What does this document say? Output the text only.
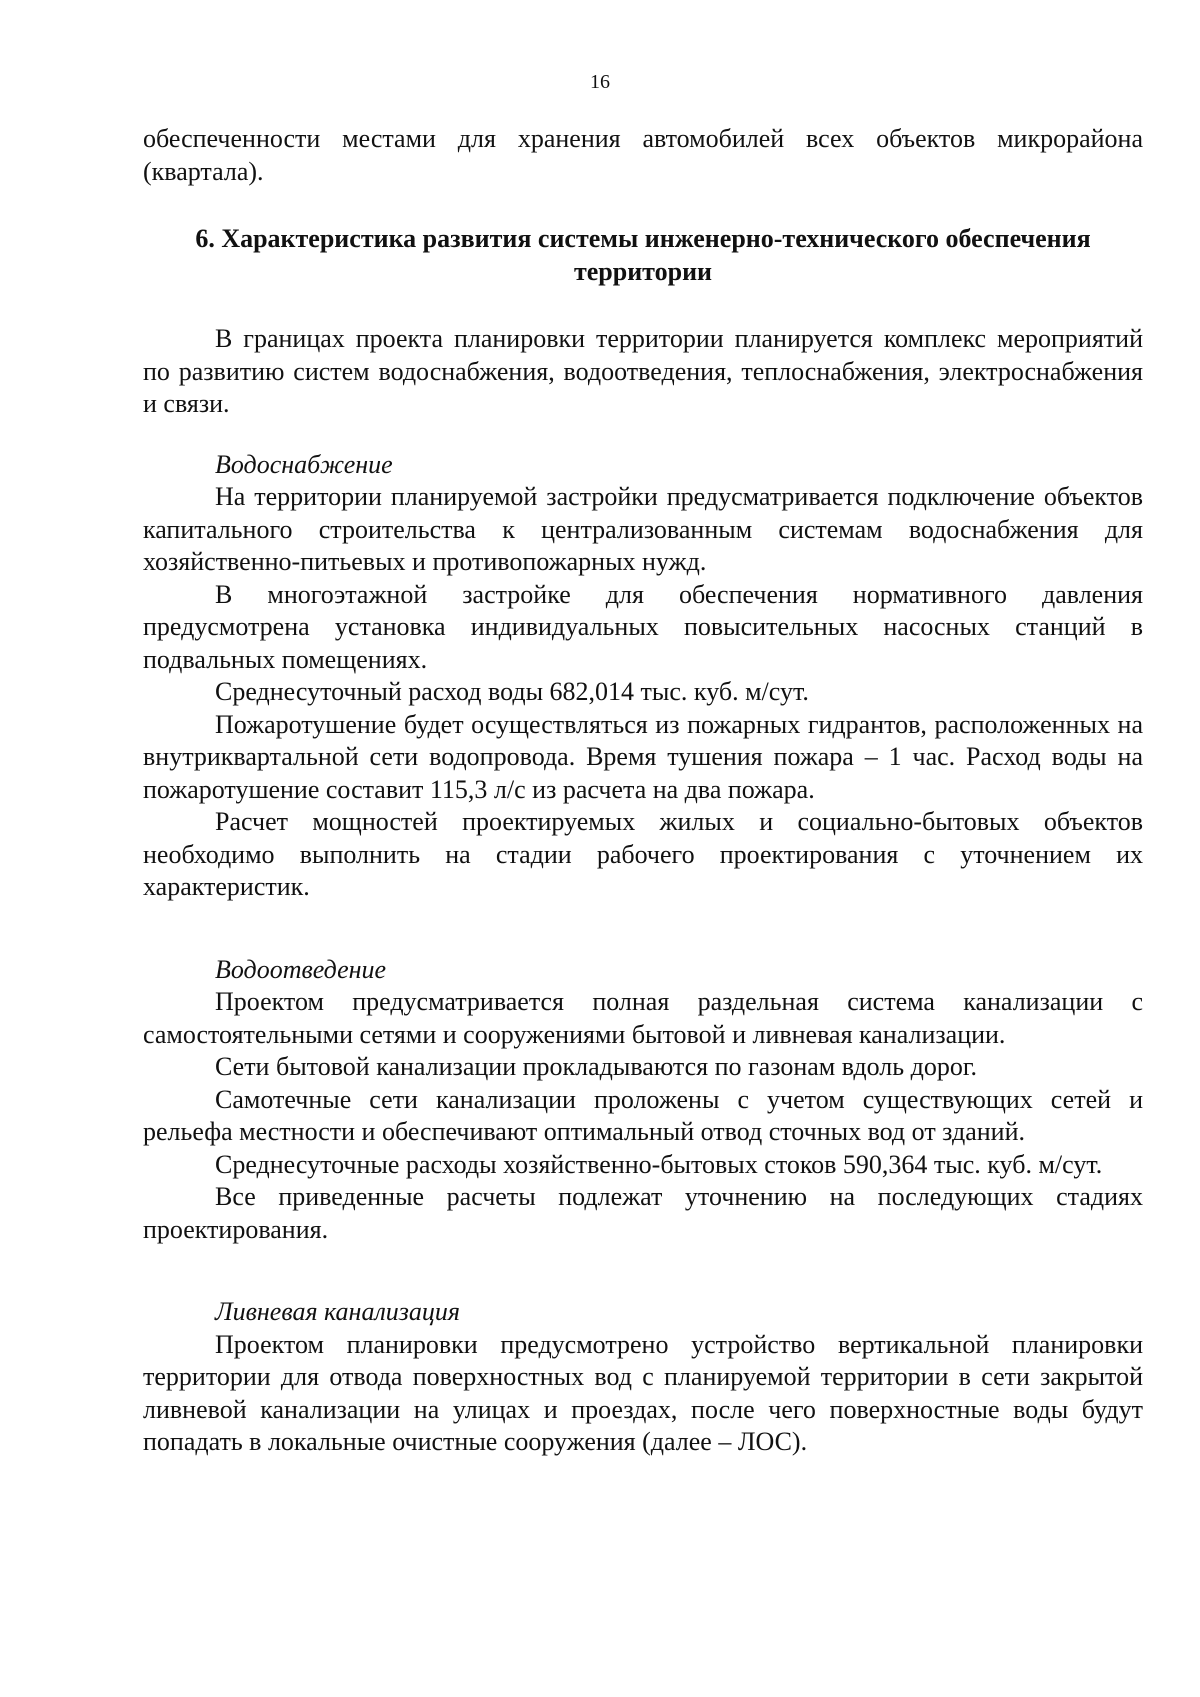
16

обеспеченности местами для хранения автомобилей всех объектов микрорайона (квартала).

6. Характеристика развития системы инженерно-технического обеспечения
территории

В границах проекта планировки территории планируется комплекс мероприятий по развитию систем водоснабжения, водоотведения, теплоснабжения, электроснабжения и связи.

Водоснабжение

На территории планируемой застройки предусматривается подключение объектов капитального строительства к централизованным системам водоснабжения для хозяйственно-питьевых и противопожарных нужд.

В многоэтажной застройке для обеспечения нормативного давления предусмотрена установка индивидуальных повысительных насосных станций в подвальных помещениях.

Среднесуточный расход воды 682,014 тыс. куб. м/сут.

Пожаротушение будет осуществляться из пожарных гидрантов, расположенных на внутриквартальной сети водопровода. Время тушения пожара – 1 час. Расход воды на пожаротушение составит 115,3 л/с из расчета на два пожара.

Расчет мощностей проектируемых жилых и социально-бытовых объектов необходимо выполнить на стадии рабочего проектирования с уточнением их характеристик.

Водоотведение

Проектом предусматривается полная раздельная система канализации с самостоятельными сетями и сооружениями бытовой и ливневая канализации.

Сети бытовой канализации прокладываются по газонам вдоль дорог.

Самотечные сети канализации проложены с учетом существующих сетей и рельефа местности и обеспечивают оптимальный отвод сточных вод от зданий.

Среднесуточные расходы хозяйственно-бытовых стоков 590,364 тыс. куб. м/сут.

Все приведенные расчеты подлежат уточнению на последующих стадиях проектирования.

Ливневая канализация

Проектом планировки предусмотрено устройство вертикальной планировки территории для отвода поверхностных вод с планируемой территории в сети закрытой ливневой канализации на улицах и проездах, после чего поверхностные воды будут попадать в локальные очистные сооружения (далее – ЛОС).
